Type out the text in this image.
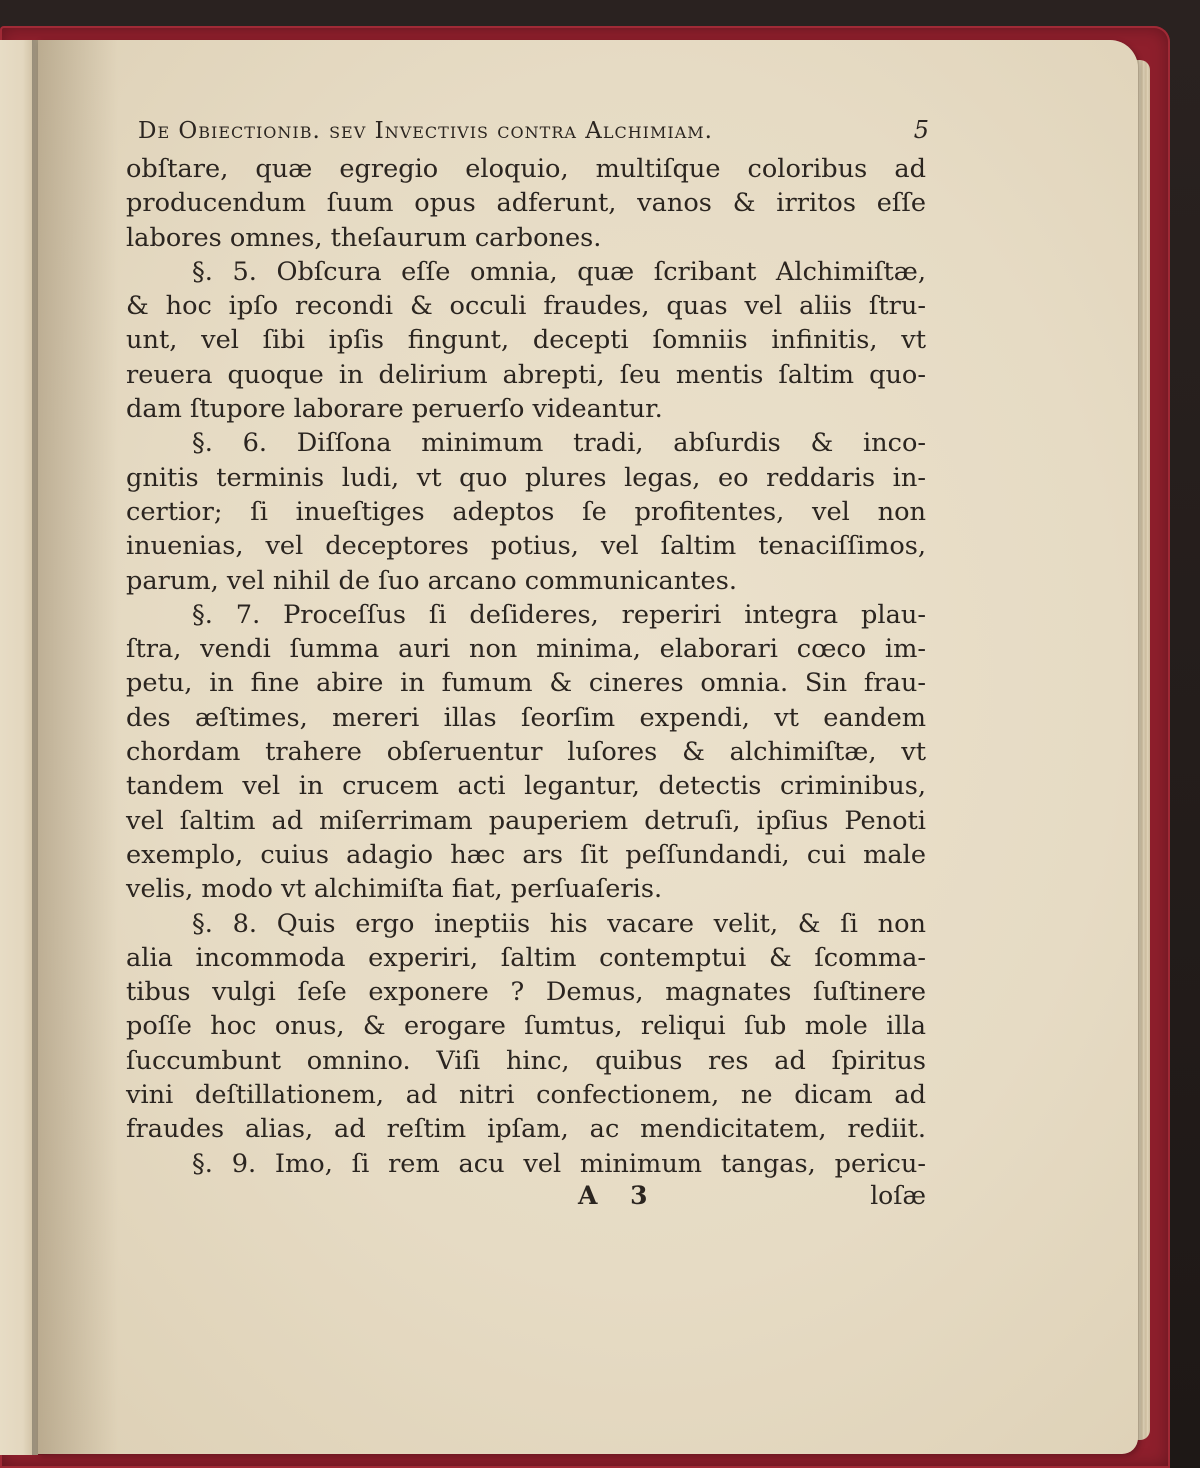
De Obiectionib. sev Invectivis contra Alchimiam.	5
obſtare, quæ egregio eloquio, multiſque coloribus ad
producendum ſuum opus adferunt, vanos & irritos eſſe
labores omnes, theſaurum carbones.
§. 5. Obſcura eſſe omnia, quæ ſcribant Alchimiſtæ,
& hoc ipſo recondi & occuli fraudes, quas vel aliis ſtru-
unt, vel ſibi ipſis fingunt, decepti ſomniis infinitis, vt
reuera quoque in delirium abrepti, ſeu mentis ſaltim quo-
dam ſtupore laborare peruerſo videantur.
§. 6. Diſſona minimum tradi, abſurdis & inco-
gnitis terminis ludi, vt quo plures legas, eo reddaris in-
certior; ſi inueſtiges adeptos ſe profitentes, vel non
inuenias, vel deceptores potius, vel ſaltim tenaciſſimos,
parum, vel nihil de ſuo arcano communicantes.
§. 7. Proceſſus ſi deſideres, reperiri integra plau-
ſtra, vendi ſumma auri non minima, elaborari cœco im-
petu, in fine abire in fumum & cineres omnia. Sin frau-
des æſtimes, mereri illas ſeorſim expendi, vt eandem
chordam trahere obſeruentur luſores & alchimiſtæ, vt
tandem vel in crucem acti legantur, detectis criminibus,
vel ſaltim ad miſerrimam pauperiem detruſi, ipſius Penoti
exemplo, cuius adagio hæc ars ſit peſſundandi, cui male
velis, modo vt alchimiſta fiat, perſuaſeris.
§. 8. Quis ergo ineptiis his vacare velit, & ſi non
alia incommoda experiri, ſaltim contemptui & ſcomma-
tibus vulgi ſeſe exponere ? Demus, magnates ſuſtinere
poſſe hoc onus, & erogare ſumtus, reliqui ſub mole illa
ſuccumbunt omnino. Viſi hinc, quibus res ad ſpiritus
vini deſtillationem, ad nitri confectionem, ne dicam ad
fraudes alias, ad reſtim ipſam, ac mendicitatem, rediit.
§. 9. Imo, ſi rem acu vel minimum tangas, pericu-
A 3	loſæ
